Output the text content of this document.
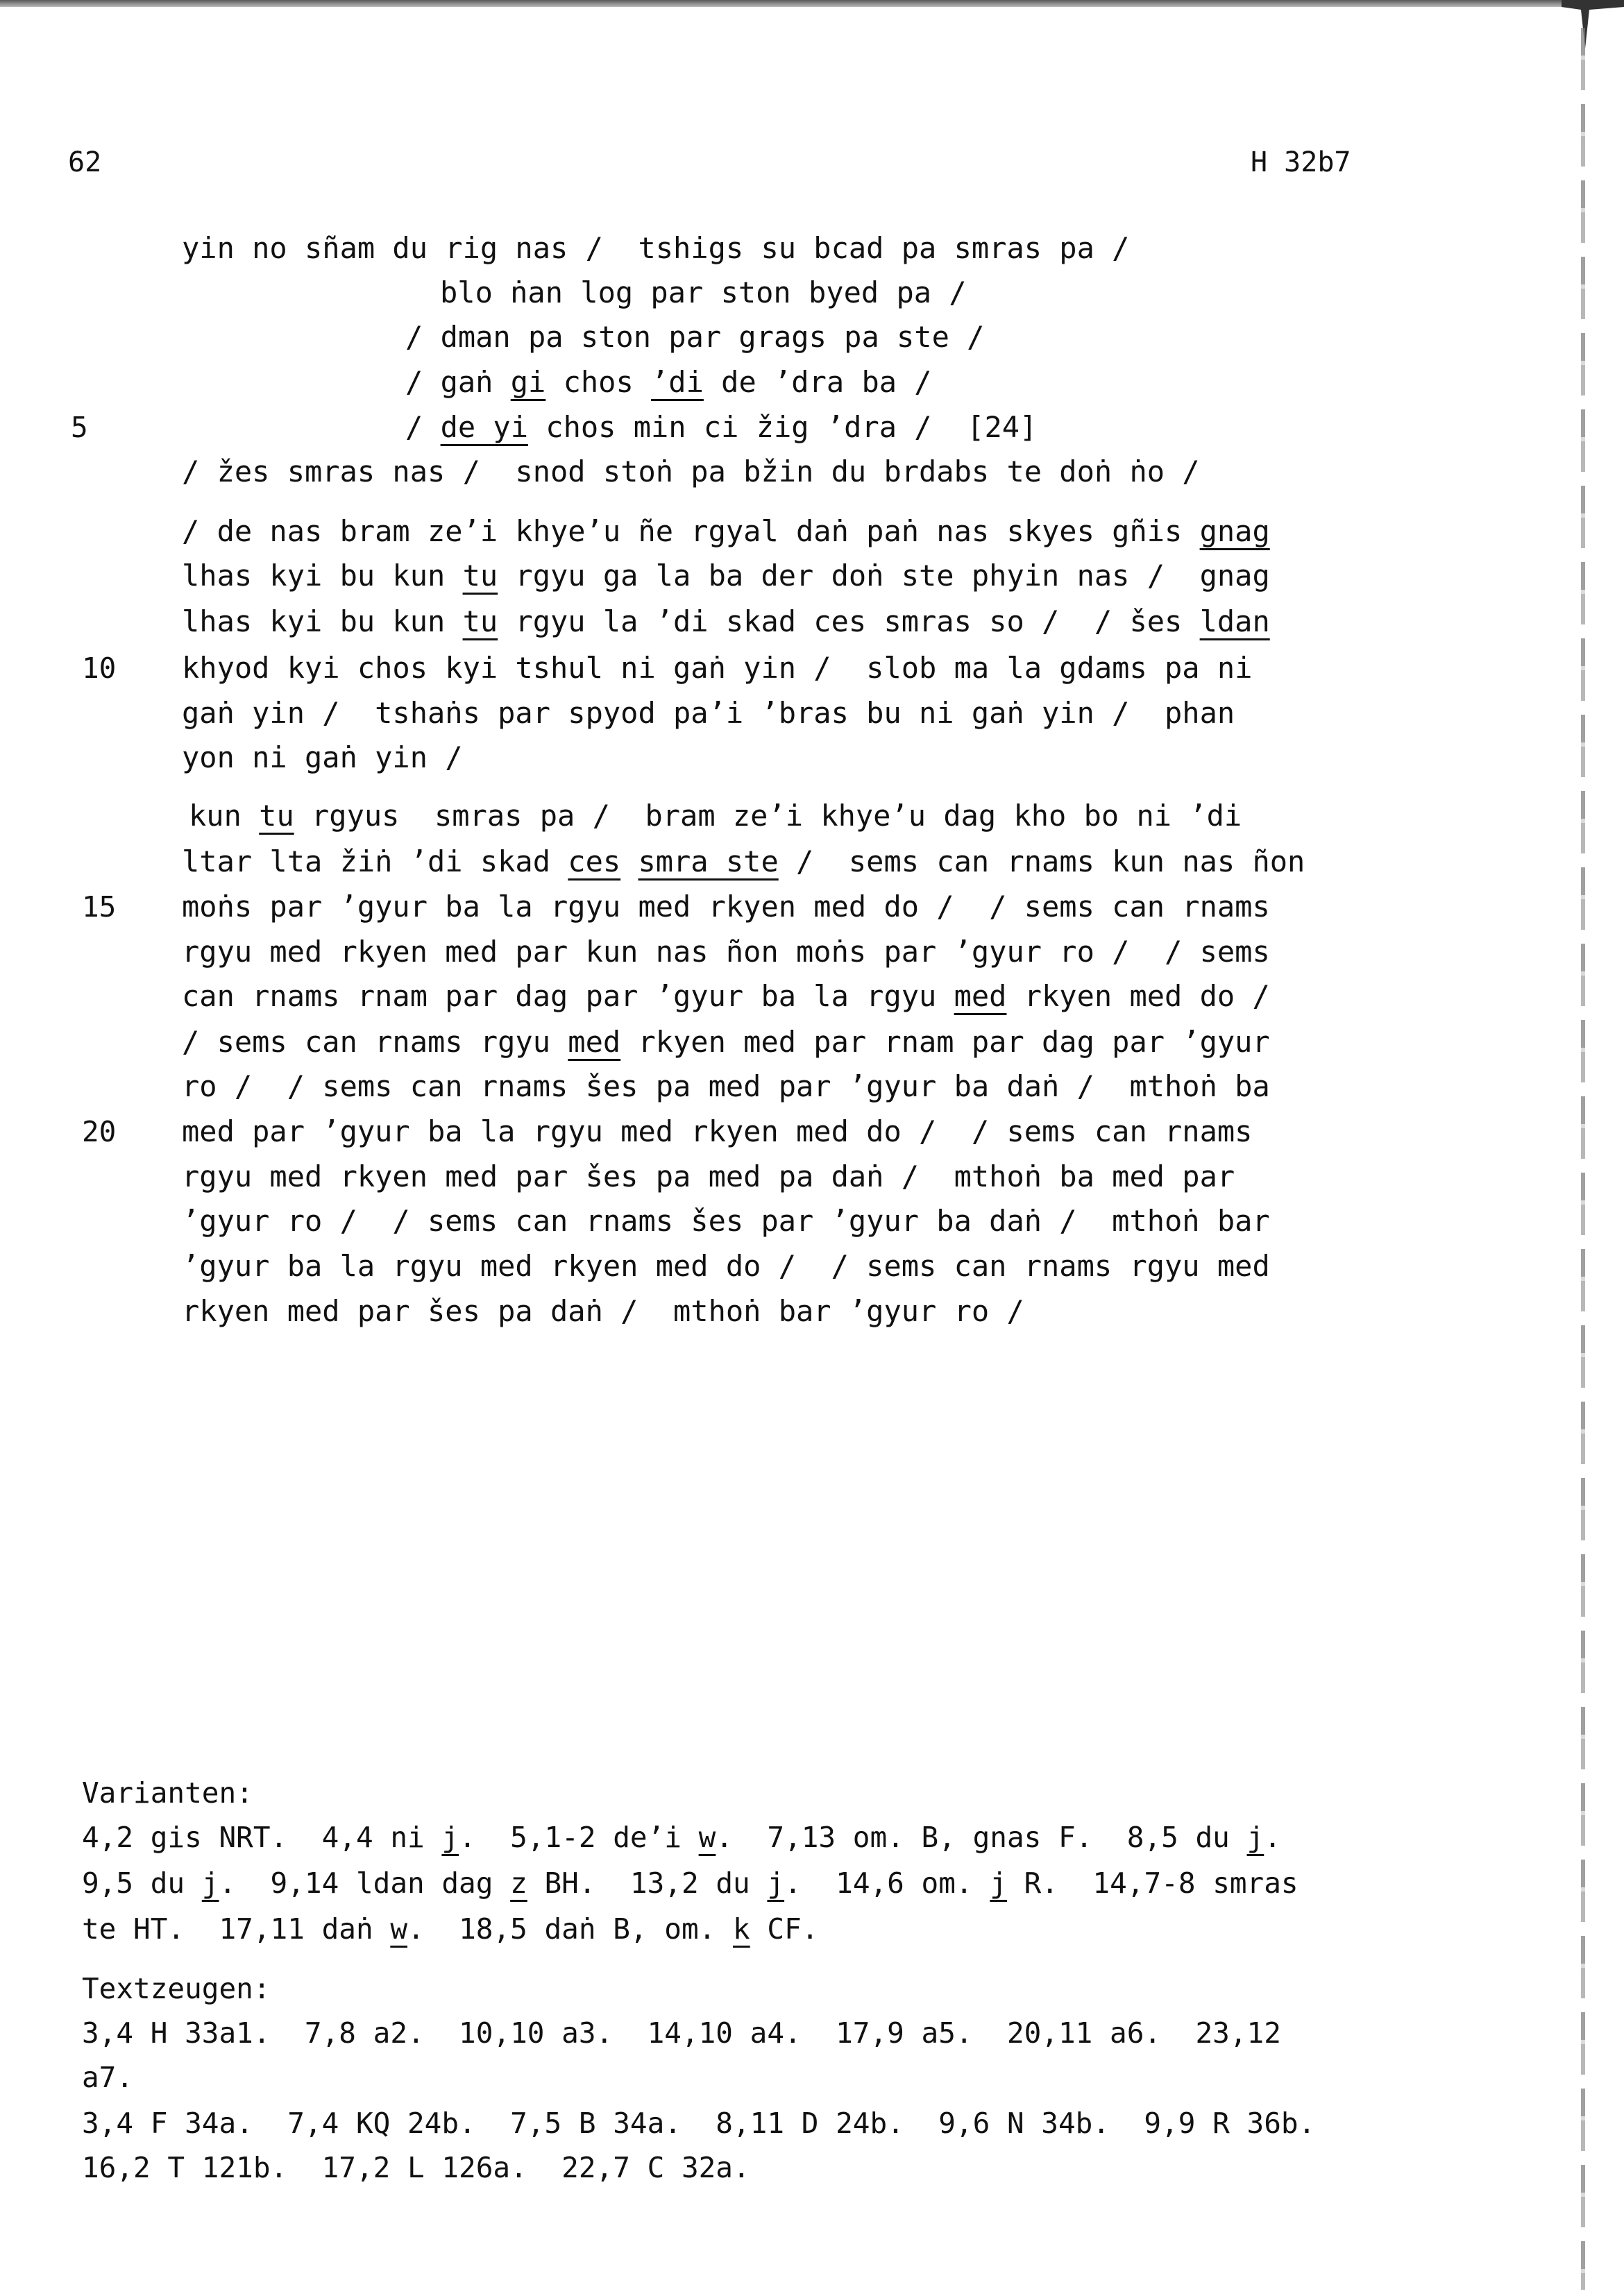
62	H 32b7
5
10
15
20
yin no sñam du rig nas /  tshigs su bcad pa smras pa /
blo ṅan log par ston byed pa /
/ dman pa ston par grags pa ste /
/ gaṅ gi chos ’di de ’dra ba /
/ de yi chos min ci žig ’dra /  [24]
/ žes smras nas /  snod stoṅ pa bžin du brdabs te doṅ ṅo /
/ de nas bram ze’i khye’u ñe rgyal daṅ paṅ nas skyes gñis gnag
lhas kyi bu kun tu rgyu ga la ba der doṅ ste phyin nas /  gnag
lhas kyi bu kun tu rgyu la ’di skad ces smras so /  / šes ldan
khyod kyi chos kyi tshul ni gaṅ yin /  slob ma la gdams pa ni
gaṅ yin /  tshaṅs par spyod pa’i ’bras bu ni gaṅ yin /  phan
yon ni gaṅ yin /
kun tu rgyus  smras pa /  bram ze’i khye’u dag kho bo ni ’di
ltar lta žiṅ ’di skad ces smra ste /  sems can rnams kun nas ñon
moṅs par ’gyur ba la rgyu med rkyen med do /  / sems can rnams
rgyu med rkyen med par kun nas ñon moṅs par ’gyur ro /  / sems
can rnams rnam par dag par ’gyur ba la rgyu med rkyen med do /
/ sems can rnams rgyu med rkyen med par rnam par dag par ’gyur
ro /  / sems can rnams šes pa med par ’gyur ba daṅ /  mthoṅ ba
med par ’gyur ba la rgyu med rkyen med do /  / sems can rnams
rgyu med rkyen med par šes pa med pa daṅ /  mthoṅ ba med par
’gyur ro /  / sems can rnams šes par ’gyur ba daṅ /  mthoṅ bar
’gyur ba la rgyu med rkyen med do /  / sems can rnams rgyu med
rkyen med par šes pa daṅ /  mthoṅ bar ’gyur ro /
Varianten:
4,2 gis NRT.  4,4 ni j.  5,1-2 de’i w.  7,13 om. B, gnas F.  8,5 du j.
9,5 du j.  9,14 ldan dag z BH.  13,2 du j.  14,6 om. j R.  14,7-8 smras
te HT.  17,11 daṅ w.  18,5 daṅ B, om. k CF.
Textzeugen:
3,4 H 33a1.  7,8 a2.  10,10 a3.  14,10 a4.  17,9 a5.  20,11 a6.  23,12
a7.
3,4 F 34a.  7,4 KQ 24b.  7,5 B 34a.  8,11 D 24b.  9,6 N 34b.  9,9 R 36b.
16,2 T 121b.  17,2 L 126a.  22,7 C 32a.
